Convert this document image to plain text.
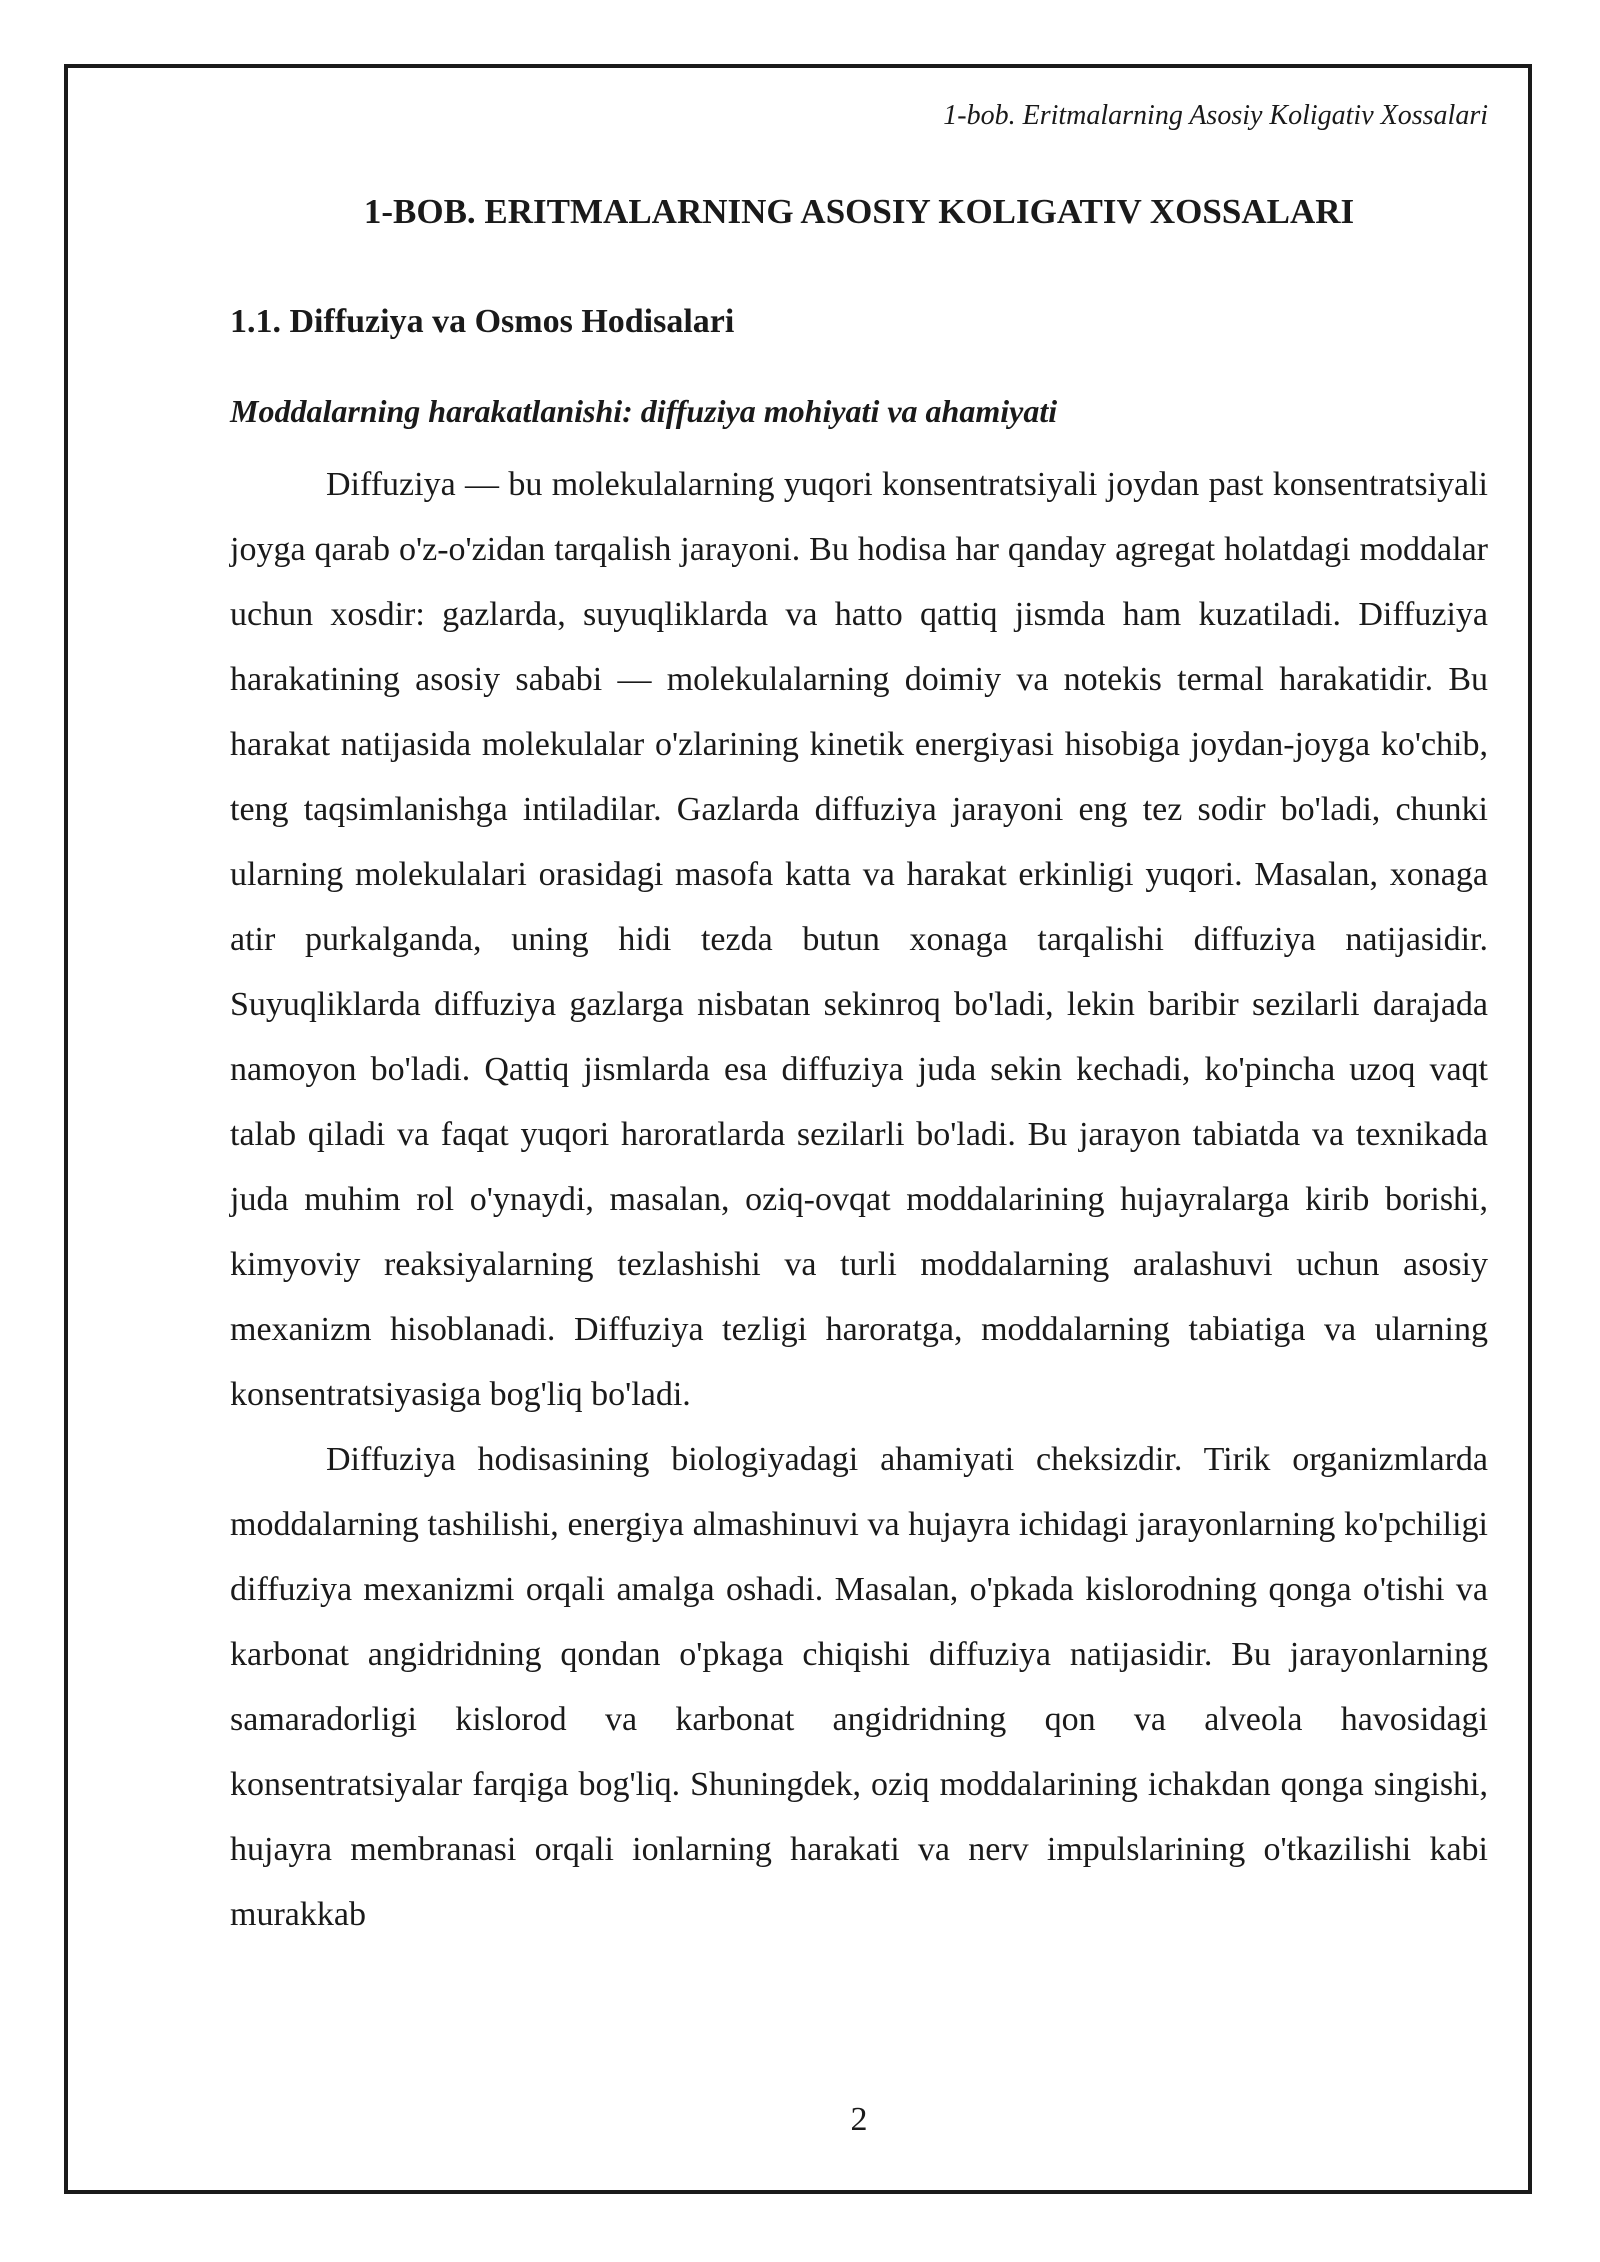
1-bob. Eritmalarning Asosiy Koligativ Xossalari
1-BOB. ERITMALARNING ASOSIY KOLIGATIV XOSSALARI
1.1. Diffuziya va Osmos Hodisalari
Moddalarning harakatlanishi: diffuziya mohiyati va ahamiyati

Diffuziya — bu molekulalarning yuqori konsentratsiyali joydan past konsentratsiyali joyga qarab o'z-o'zidan tarqalish jarayoni. Bu hodisa har qanday agregat holatdagi moddalar uchun xosdir: gazlarda, suyuqliklarda va hatto qattiq jismda ham kuzatiladi. Diffuziya harakatining asosiy sababi — molekulalarning doimiy va notekis termal harakatidir. Bu harakat natijasida molekulalar o'zlarining kinetik energiyasi hisobiga joydan-joyga ko'chib, teng taqsimlanishga intiladilar. Gazlarda diffuziya jarayoni eng tez sodir bo'ladi, chunki ularning molekulalari orasidagi masofa katta va harakat erkinligi yuqori. Masalan, xonaga atir purkalganda, uning hidi tezda butun xonaga tarqalishi diffuziya natijasidir. Suyuqliklarda diffuziya gazlarga nisbatan sekinroq bo'ladi, lekin baribir sezilarli darajada namoyon bo'ladi. Qattiq jismlarda esa diffuziya juda sekin kechadi, ko'pincha uzoq vaqt talab qiladi va faqat yuqori haroratlarda sezilarli bo'ladi. Bu jarayon tabiatda va texnikada juda muhim rol o'ynaydi, masalan, oziq-ovqat moddalarining hujayralarga kirib borishi, kimyoviy reaksiyalarning tezlashishi va turli moddalarning aralashuvi uchun asosiy mexanizm hisoblanadi. Diffuziya tezligi haroratga, moddalarning tabiatiga va ularning konsentratsiyasiga bog'liq bo'ladi.

Diffuziya hodisasining biologiyadagi ahamiyati cheksizdir. Tirik organizmlarda moddalarning tashilishi, energiya almashinuvi va hujayra ichidagi jarayonlarning ko'pchiligi diffuziya mexanizmi orqali amalga oshadi. Masalan, o'pkada kislorodning qonga o'tishi va karbonat angidridning qondan o'pkaga chiqishi diffuziya natijasidir. Bu jarayonlarning samaradorligi kislorod va karbonat angidridning qon va alveola havosidagi konsentratsiyalar farqiga bog'liq. Shuningdek, oziq moddalarining ichakdan qonga singishi, hujayra membranasi orqali ionlarning harakati va nerv impulslarining o'tkazilishi kabi murakkab

2
